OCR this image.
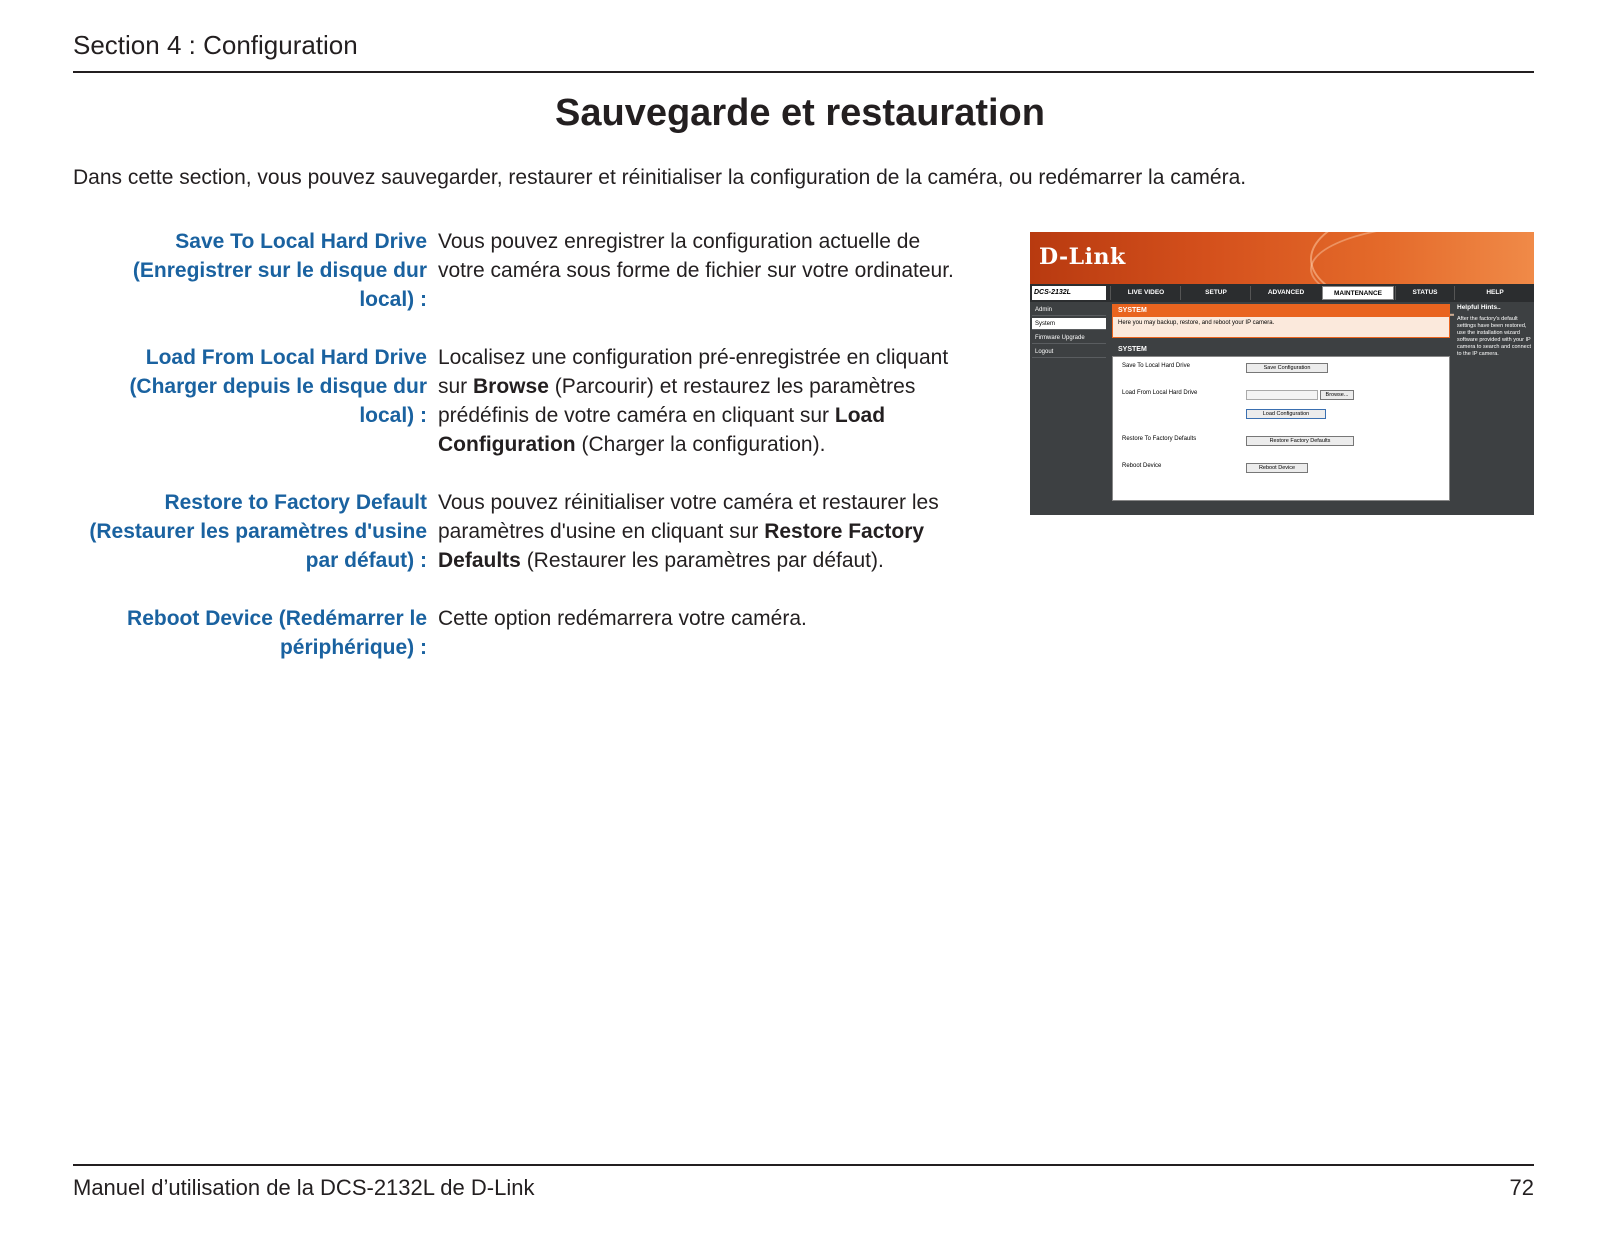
Section 4 : Configuration
Sauvegarde et restauration
Dans cette section, vous pouvez sauvegarder, restaurer et réinitialiser la configuration de la caméra, ou redémarrer la caméra.
Save To Local Hard Drive
(Enregistrer sur le disque dur
local) :
Vous pouvez enregistrer la configuration actuelle de
votre caméra sous forme de fichier sur votre ordinateur.
Load From Local Hard Drive
(Charger depuis le disque dur
local) :
Localisez une configuration pré-enregistrée en cliquant
sur Browse (Parcourir) et restaurez les paramètres
prédéfinis de votre caméra en cliquant sur Load
Configuration (Charger la configuration).
Restore to Factory Default
(Restaurer les paramètres d'usine
par défaut) :
Vous pouvez réinitialiser votre caméra et restaurer les
paramètres d'usine en cliquant sur Restore Factory
Defaults (Restaurer les paramètres par défaut).
Reboot Device (Redémarrer le
périphérique) :
Cette option redémarrera votre caméra.
D-Link
DCS-2132L	///	LIVE VIDEO	SETUP	ADVANCED	MAINTENANCE	STATUS	HELP
Admin
System
Firmware Upgrade
Logout
SYSTEM
Here you may backup, restore, and reboot your IP camera.
SYSTEM
Save To Local Hard Drive	Save Configuration
Load From Local Hard Drive	Browse...
Load Configuration
Restore To Factory Defaults	Restore Factory Defaults
Reboot Device	Reboot Device
Helpful Hints..
After the factory's default settings have been restored, use the installation wizard software provided with your IP camera to search and connect to the IP camera.
Manuel d’utilisation de la DCS-2132L de D-Link	72
